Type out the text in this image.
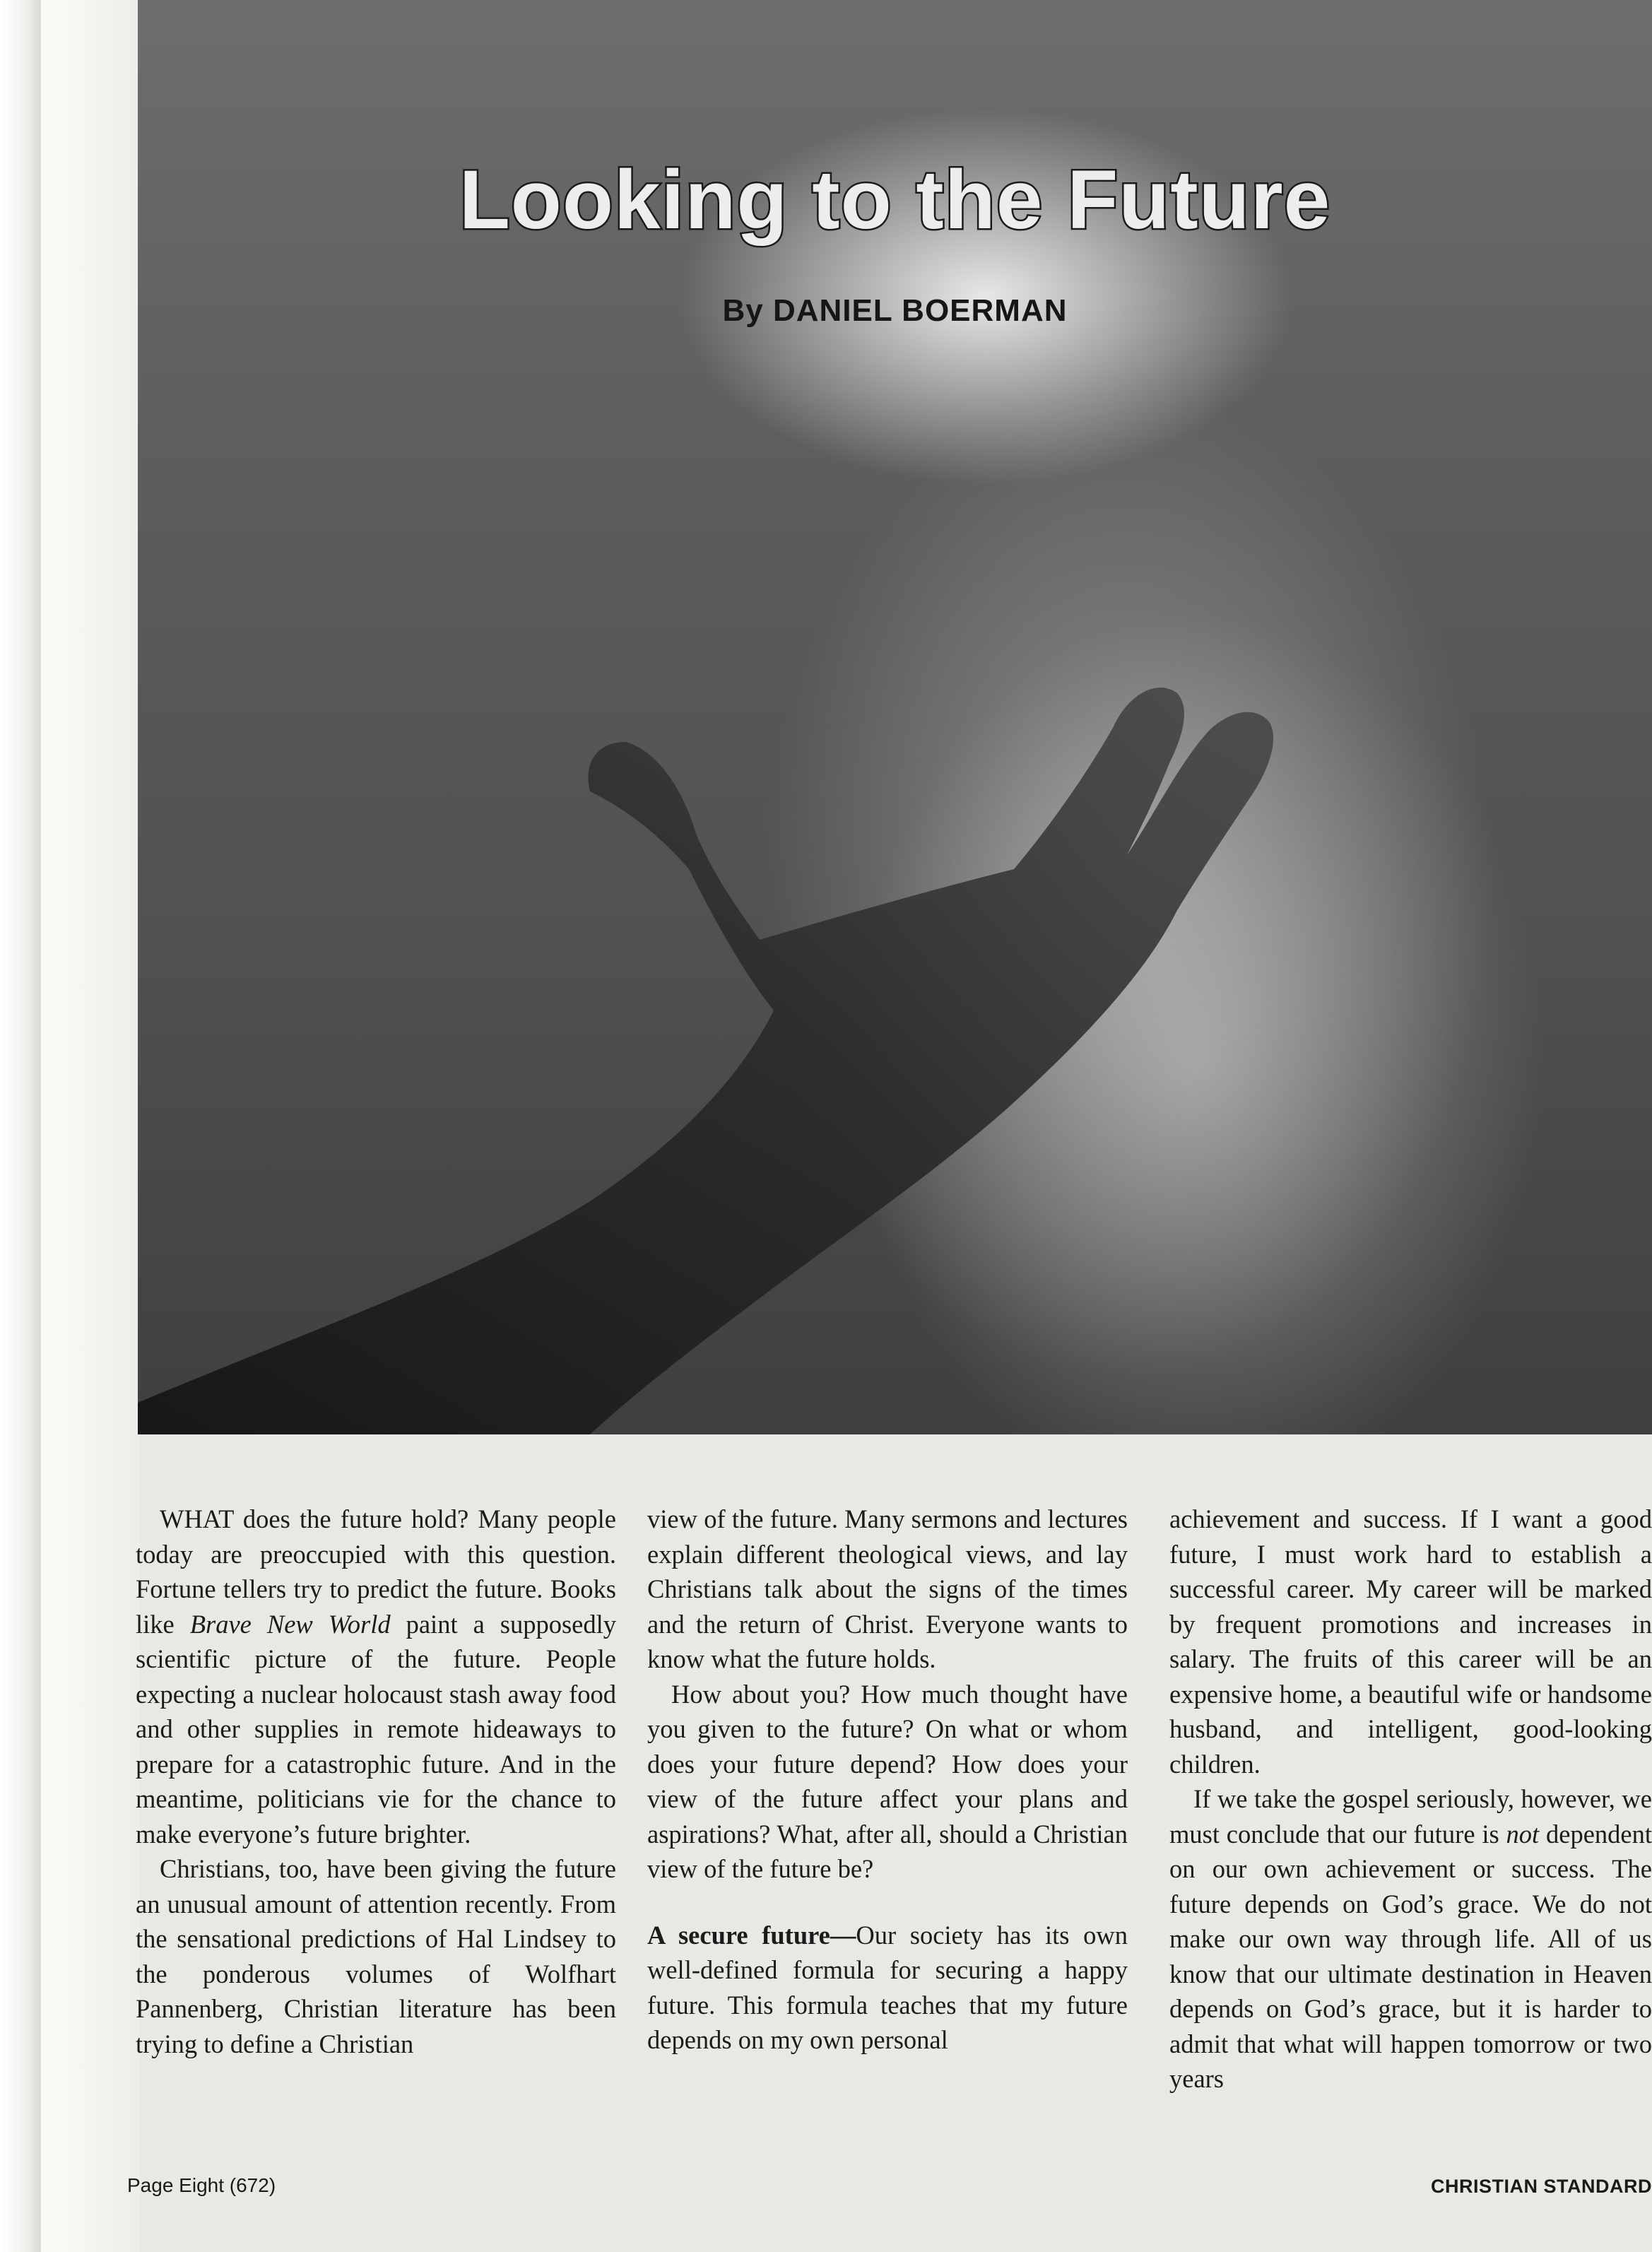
Looking to the Future
By DANIEL BOERMAN

WHAT does the future hold? Many people today are preoccupied with this question. Fortune tellers try to predict the future. Books like Brave New World paint a supposedly scientific picture of the future. People expecting a nuclear holocaust stash away food and other supplies in remote hideaways to prepare for a catastrophic future. And in the meantime, politicians vie for the chance to make everyone’s future brighter.

Christians, too, have been giving the future an unusual amount of attention recently. From the sensational predictions of Hal Lindsey to the ponderous volumes of Wolfhart Pannenberg, Christian literature has been trying to define a Christian

view of the future. Many sermons and lectures explain different theological views, and lay Christians talk about the signs of the times and the return of Christ. Everyone wants to know what the future holds.

How about you? How much thought have you given to the future? On what or whom does your future depend? How does your view of the future affect your plans and aspirations? What, after all, should a Christian view of the future be?

A secure future—Our society has its own well-defined formula for securing a happy future. This formula teaches that my future depends on my own personal

achievement and success. If I want a good future, I must work hard to establish a successful career. My career will be marked by frequent promotions and increases in salary. The fruits of this career will be an expensive home, a beautiful wife or handsome husband, and intelligent, good-looking children.

If we take the gospel seriously, however, we must conclude that our future is not dependent on our own achievement or success. The future depends on God’s grace. We do not make our own way through life. All of us know that our ultimate destination in Heaven depends on God’s grace, but it is harder to admit that what will happen tomorrow or two years

Page Eight (672)	CHRISTIAN STANDARD
